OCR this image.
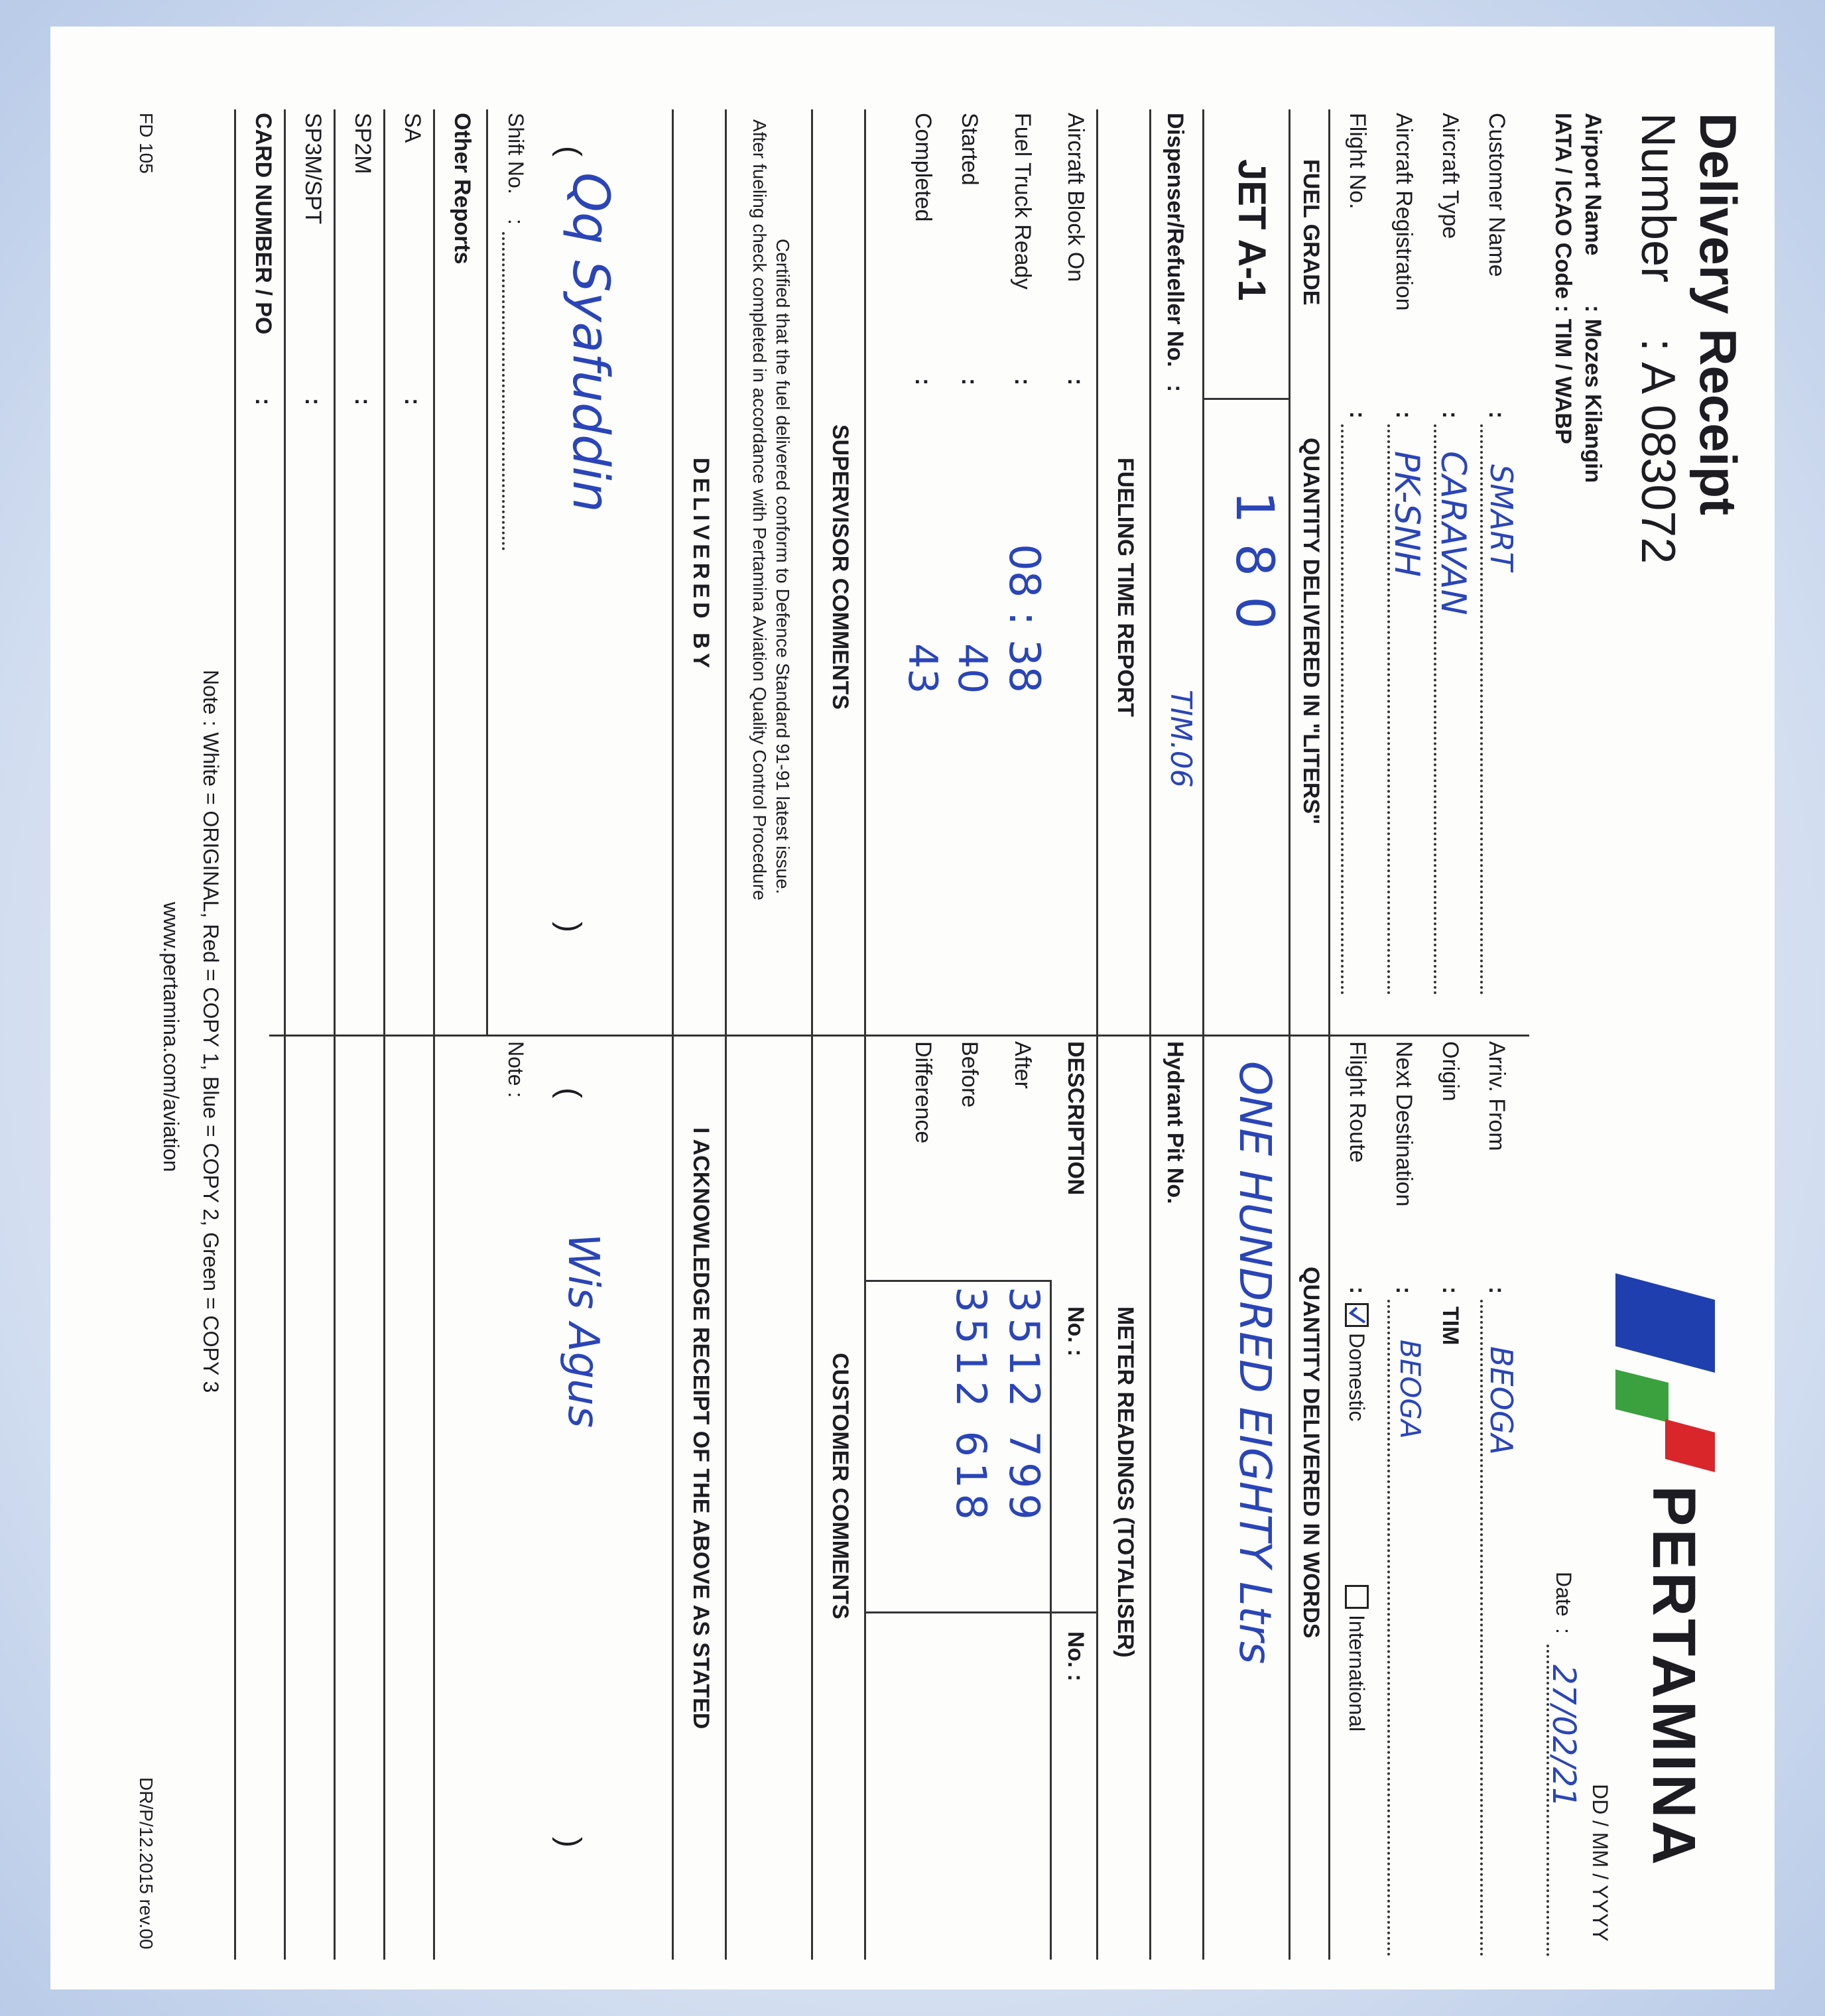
Delivery Receipt
Number
: A 083072
Airport Name
: Mozes Kilangin
IATA / ICAO Code
: TIM / WABP
PERTAMINA
DD / MM / YYYY
Date
:
27/02/21
Customer Name
:
SMART
Aircraft Type
:
CARAVAN
Aircraft Registration
:
PK-SNH
Flight No.
:
Arriv. From
:
BEOGA
Origin
:
TIM
Next Destination
:
BEOGA
Flight Route
:
Domestic
International
FUEL GRADE
QUANTITY DELIVERED IN "LITERS"
QUANTITY DELIVERED IN WORDS
JET A-1
180
ONE HUNDRED EIGHTY Ltrs
Dispenser/Refueller No.
:
TIM.06
Hydrant Pit No.
FUELING TIME REPORT
METER READINGS (TOTALISER)
Aircraft Block On
:
Fuel Truck Ready
:
08 : 38
Started
:
40
Completed
:
43
DESCRIPTION
No. :
No. :
After
3512 799
Before
3512 618
Difference
SUPERVISOR COMMENTS
CUSTOMER COMMENTS
Certified that the fuel delivered conform to Defence Standard 91-91 latest issue.
After fueling check completed in accordance with Pertamina Aviation Quality Control Procedure
DELIVERED BY
I ACKNOWLEDGE RECEIPT OF THE ABOVE AS STATED
(
Qq Syafuddin
)
(
Wis Agus
)
Shift No.
:
Note :
Other Reports
SA
:
SP2M
:
SP3M/SPT
:
CARD NUMBER / PO
:
Note : White = ORIGINAL, Red = COPY 1, Blue = COPY 2, Green = COPY 3
www.pertamina.com/aviation
FD 105
DR/P/12.2015 rev.00
